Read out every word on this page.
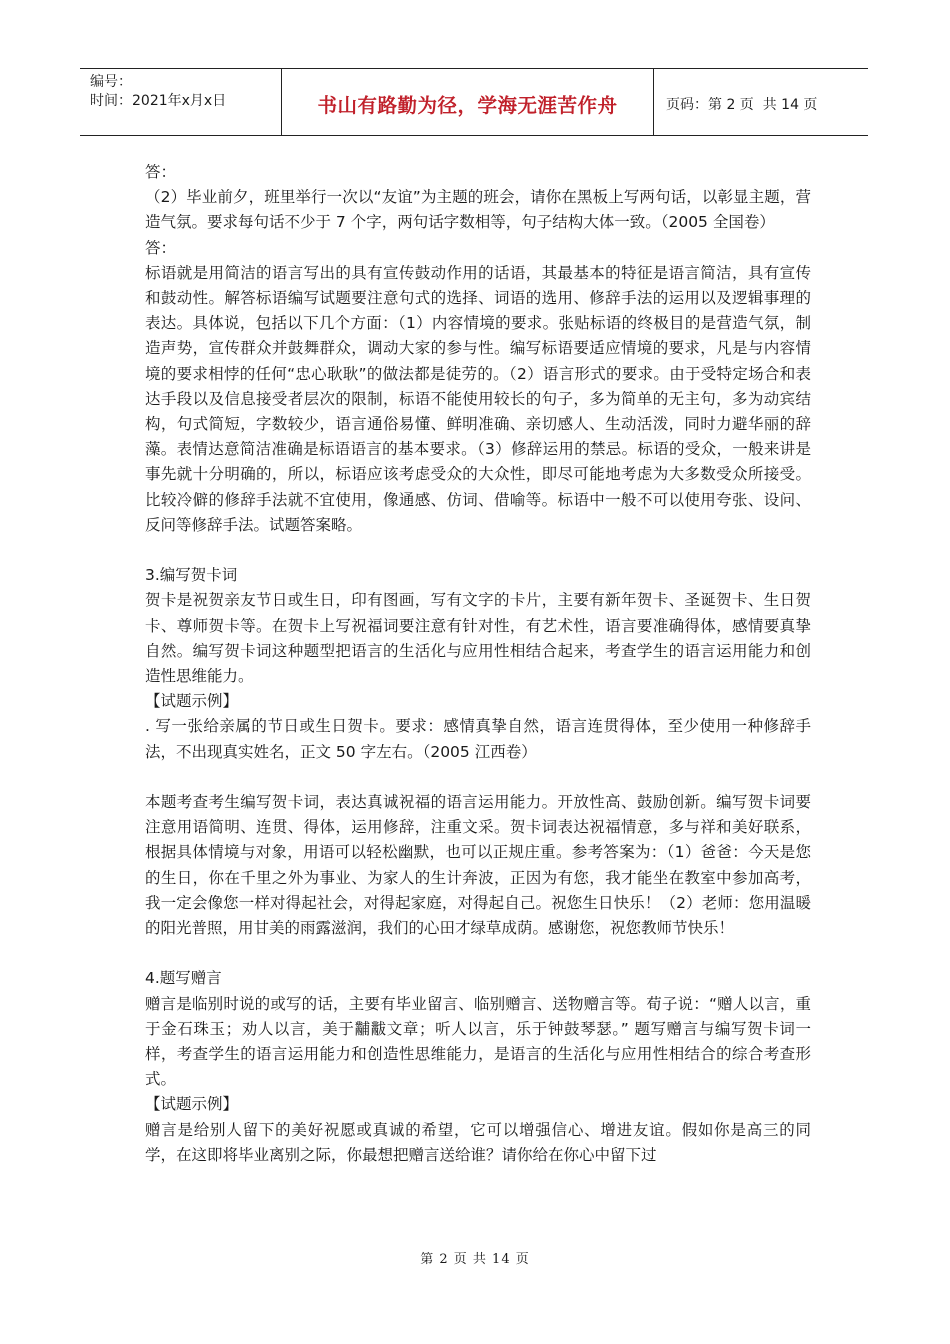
编号：
时间：2021年x月x日	书山有路勤为径，学海无涯苦作舟	页码：第 2 页  共 14 页

答：

（2）毕业前夕，班里举行一次以“友谊”为主题的班会，请你在黑板上写两句话，以彰显主题，营造气氛。要求每句话不少于 7 个字，两句话字数相等，句子结构大体一致。（2005 全国卷）

答：

标语就是用简洁的语言写出的具有宣传鼓动作用的话语，其最基本的特征是语言简洁，具有宣传和鼓动性。解答标语编写试题要注意句式的选择、词语的选用、修辞手法的运用以及逻辑事理的表达。具体说，包括以下几个方面：（1）内容情境的要求。张贴标语的终极目的是营造气氛，制造声势，宣传群众并鼓舞群众，调动大家的参与性。编写标语要适应情境的要求，凡是与内容情境的要求相悖的任何“忠心耿耿”的做法都是徒劳的。（2）语言形式的要求。由于受特定场合和表达手段以及信息接受者层次的限制，标语不能使用较长的句子，多为简单的无主句，多为动宾结构，句式简短，字数较少，语言通俗易懂、鲜明准确、亲切感人、生动活泼，同时力避华丽的辞藻。表情达意简洁准确是标语语言的基本要求。（3）修辞运用的禁忌。标语的受众，一般来讲是事先就十分明确的，所以，标语应该考虑受众的大众性，即尽可能地考虑为大多数受众所接受。比较冷僻的修辞手法就不宜使用，像通感、仿词、借喻等。标语中一般不可以使用夸张、设问、反问等修辞手法。试题答案略。

3.编写贺卡词

贺卡是祝贺亲友节日或生日，印有图画，写有文字的卡片，主要有新年贺卡、圣诞贺卡、生日贺卡、尊师贺卡等。在贺卡上写祝福词要注意有针对性，有艺术性，语言要准确得体，感情要真挚自然。编写贺卡词这种题型把语言的生活化与应用性相结合起来，考查学生的语言运用能力和创造性思维能力。

【试题示例】

. 写一张给亲属的节日或生日贺卡。要求：感情真挚自然，语言连贯得体，至少使用一种修辞手法，不出现真实姓名，正文 50 字左右。（2005 江西卷）

本题考查考生编写贺卡词，表达真诚祝福的语言运用能力。开放性高、鼓励创新。编写贺卡词要注意用语简明、连贯、得体，运用修辞，注重文采。贺卡词表达祝福情意，多与祥和美好联系，根据具体情境与对象，用语可以轻松幽默，也可以正规庄重。参考答案为：（1）爸爸：今天是您的生日，你在千里之外为事业、为家人的生计奔波，正因为有您，我才能坐在教室中参加高考，我一定会像您一样对得起社会，对得起家庭，对得起自己。祝您生日快乐！（2）老师：您用温暖的阳光普照，用甘美的雨露滋润，我们的心田才绿草成荫。感谢您，祝您教师节快乐！

4.题写赠言

赠言是临别时说的或写的话，主要有毕业留言、临别赠言、送物赠言等。荀子说：“赠人以言，重于金石珠玉；劝人以言，美于黼黻文章；听人以言，乐于钟鼓琴瑟。” 题写赠言与编写贺卡词一样，考查学生的语言运用能力和创造性思维能力，是语言的生活化与应用性相结合的综合考查形式。

【试题示例】

赠言是给别人留下的美好祝愿或真诚的希望，它可以增强信心、增进友谊。假如你是高三的同学，在这即将毕业离别之际，你最想把赠言送给谁？请你给在你心中留下过

第 2 页 共 14 页
